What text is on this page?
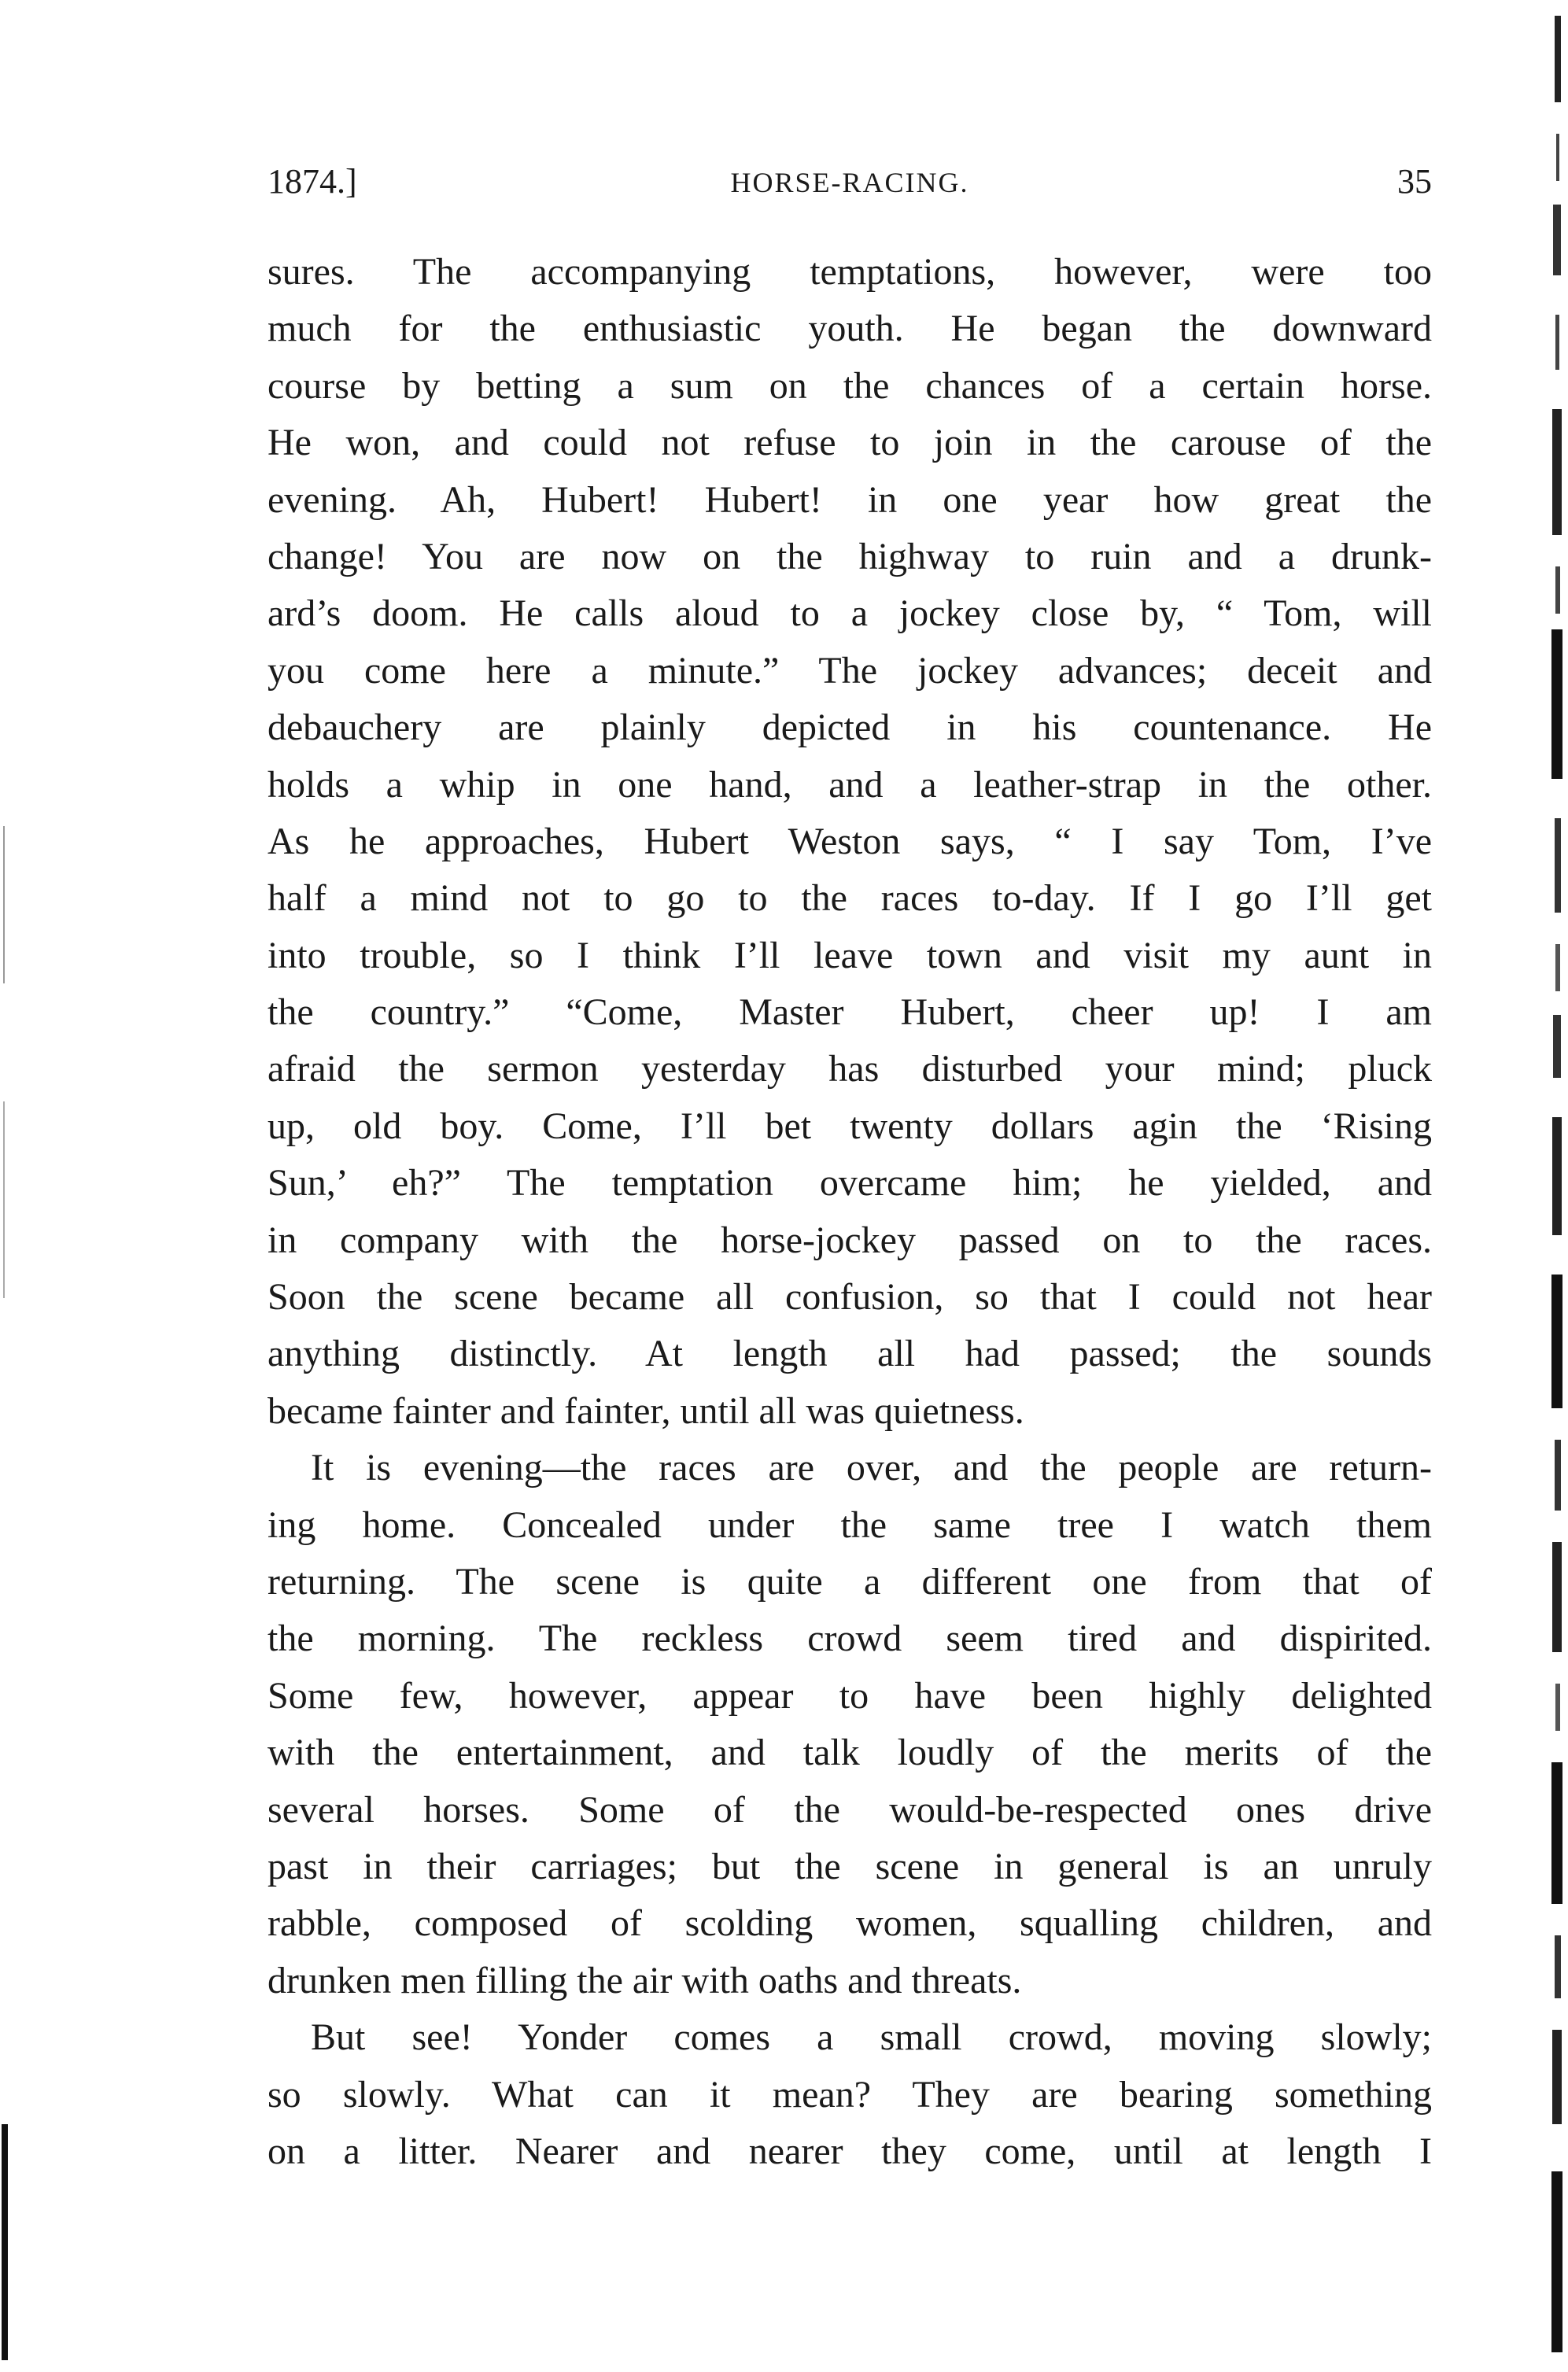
1874.]	HORSE-RACING.	35
sures. The accompanying temptations, however, were too
much for the enthusiastic youth. He began the downward
course by betting a sum on the chances of a certain horse.
He won, and could not refuse to join in the carouse of the
evening. Ah, Hubert! Hubert! in one year how great the
change! You are now on the highway to ruin and a drunk-
ard’s doom. He calls aloud to a jockey close by, “ Tom, will
you come here a minute.” The jockey advances; deceit and
debauchery are plainly depicted in his countenance. He
holds a whip in one hand, and a leather-strap in the other.
As he approaches, Hubert Weston says, “ I say Tom, I’ve
half a mind not to go to the races to-day. If I go I’ll get
into trouble, so I think I’ll leave town and visit my aunt in
the country.” “Come, Master Hubert, cheer up! I am
afraid the sermon yesterday has disturbed your mind; pluck
up, old boy. Come, I’ll bet twenty dollars agin the ‘Rising
Sun,’ eh?” The temptation overcame him; he yielded, and
in company with the horse-jockey passed on to the races.
Soon the scene became all confusion, so that I could not hear
anything distinctly. At length all had passed; the sounds
became fainter and fainter, until all was quietness.
It is evening—the races are over, and the people are return-
ing home. Concealed under the same tree I watch them
returning. The scene is quite a different one from that of
the morning. The reckless crowd seem tired and dispirited.
Some few, however, appear to have been highly delighted
with the entertainment, and talk loudly of the merits of the
several horses. Some of the would-be-respected ones drive
past in their carriages; but the scene in general is an unruly
rabble, composed of scolding women, squalling children, and
drunken men filling the air with oaths and threats.
But see! Yonder comes a small crowd, moving slowly;
so slowly. What can it mean? They are bearing something
on a litter. Nearer and nearer they come, until at length I
